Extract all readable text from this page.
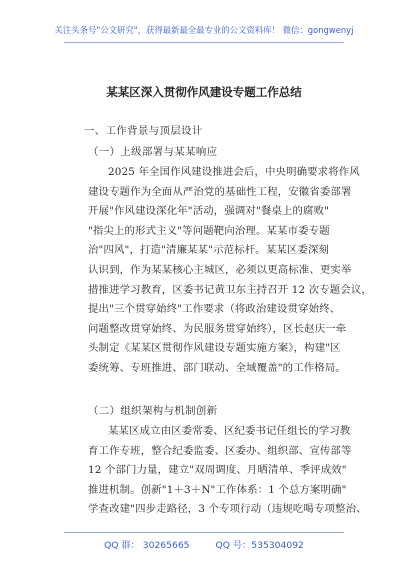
关注头条号"公文研究"，获得最新最全最专业的公文资料库！ 微信：gongwenyj
某某区深入贯彻作风建设专题工作总结
一、工作背景与顶层设计
（一）上级部署与某某响应
2025 年全国作风建设推进会后，中央明确要求将作风
建设专题作为全面从严治党的基础性工程，安徽省委部署
开展"作风建设深化年"活动，强调对"餐桌上的腐败"
"指尖上的形式主义"等问题靶向治理。某某市委专题
治"四风"，打造"清廉某某"示范标杆。某某区委深刻
认识到，作为某某核心主城区，必须以更高标准、更实举
措推进学习教育，区委书记黄卫东主持召开 12 次专题会议，
提出"三个贯穿始终"工作要求（将政治建设贯穿始终、
问题整改贯穿始终、为民服务贯穿始终），区长赵庆一牵
头制定《某某区贯彻作风建设专题实施方案》，构建"区
委统筹、专班推进、部门联动、全域覆盖"的工作格局。
（二）组织架构与机制创新
某某区成立由区委常委、区纪委书记任组长的学习教
育工作专班，整合纪委监委、区委办、组织部、宣传部等
12 个部门力量，建立"双周调度、月晒清单、季评成效"
推进机制。创新"1＋3＋N"工作体系：1 个总方案明确"
学查改建"四步走路径，3 个专项行动（违规吃喝专项整治、
QQ 群： 30265665	QQ 号：535304092
